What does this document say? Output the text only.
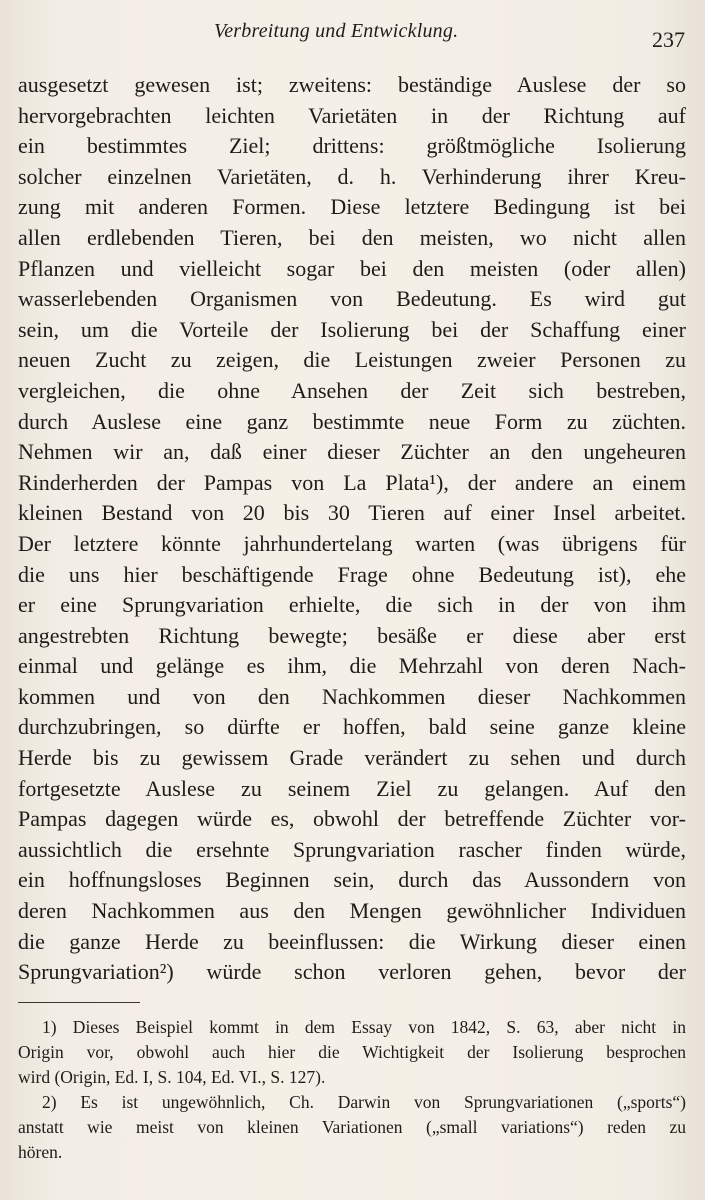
Verbreitung und Entwicklung.	237
ausgesetzt gewesen ist; zweitens: beständige Auslese der so
hervorgebrachten leichten Varietäten in der Richtung auf
ein bestimmtes Ziel; drittens: größtmögliche Isolierung
solcher einzelnen Varietäten, d. h. Verhinderung ihrer Kreu-
zung mit anderen Formen. Diese letztere Bedingung ist bei
allen erdlebenden Tieren, bei den meisten, wo nicht allen
Pflanzen und vielleicht sogar bei den meisten (oder allen)
wasserlebenden Organismen von Bedeutung. Es wird gut
sein, um die Vorteile der Isolierung bei der Schaffung einer
neuen Zucht zu zeigen, die Leistungen zweier Personen zu
vergleichen, die ohne Ansehen der Zeit sich bestreben,
durch Auslese eine ganz bestimmte neue Form zu züchten.
Nehmen wir an, daß einer dieser Züchter an den ungeheuren
Rinderherden der Pampas von La Plata¹), der andere an einem
kleinen Bestand von 20 bis 30 Tieren auf einer Insel arbeitet.
Der letztere könnte jahrhundertelang warten (was übrigens für
die uns hier beschäftigende Frage ohne Bedeutung ist), ehe
er eine Sprungvariation erhielte, die sich in der von ihm
angestrebten Richtung bewegte; besäße er diese aber erst
einmal und gelänge es ihm, die Mehrzahl von deren Nach-
kommen und von den Nachkommen dieser Nachkommen
durchzubringen, so dürfte er hoffen, bald seine ganze kleine
Herde bis zu gewissem Grade verändert zu sehen und durch
fortgesetzte Auslese zu seinem Ziel zu gelangen. Auf den
Pampas dagegen würde es, obwohl der betreffende Züchter vor-
aussichtlich die ersehnte Sprungvariation rascher finden würde,
ein hoffnungsloses Beginnen sein, durch das Aussondern von
deren Nachkommen aus den Mengen gewöhnlicher Individuen
die ganze Herde zu beeinflussen: die Wirkung dieser einen
Sprungvariation²) würde schon verloren gehen, bevor der
1) Dieses Beispiel kommt in dem Essay von 1842, S. 63, aber nicht in
Origin vor, obwohl auch hier die Wichtigkeit der Isolierung besprochen
wird (Origin, Ed. I, S. 104, Ed. VI., S. 127).
2) Es ist ungewöhnlich, Ch. Darwin von Sprungvariationen („sports“)
anstatt wie meist von kleinen Variationen („small variations“) reden zu
hören.
